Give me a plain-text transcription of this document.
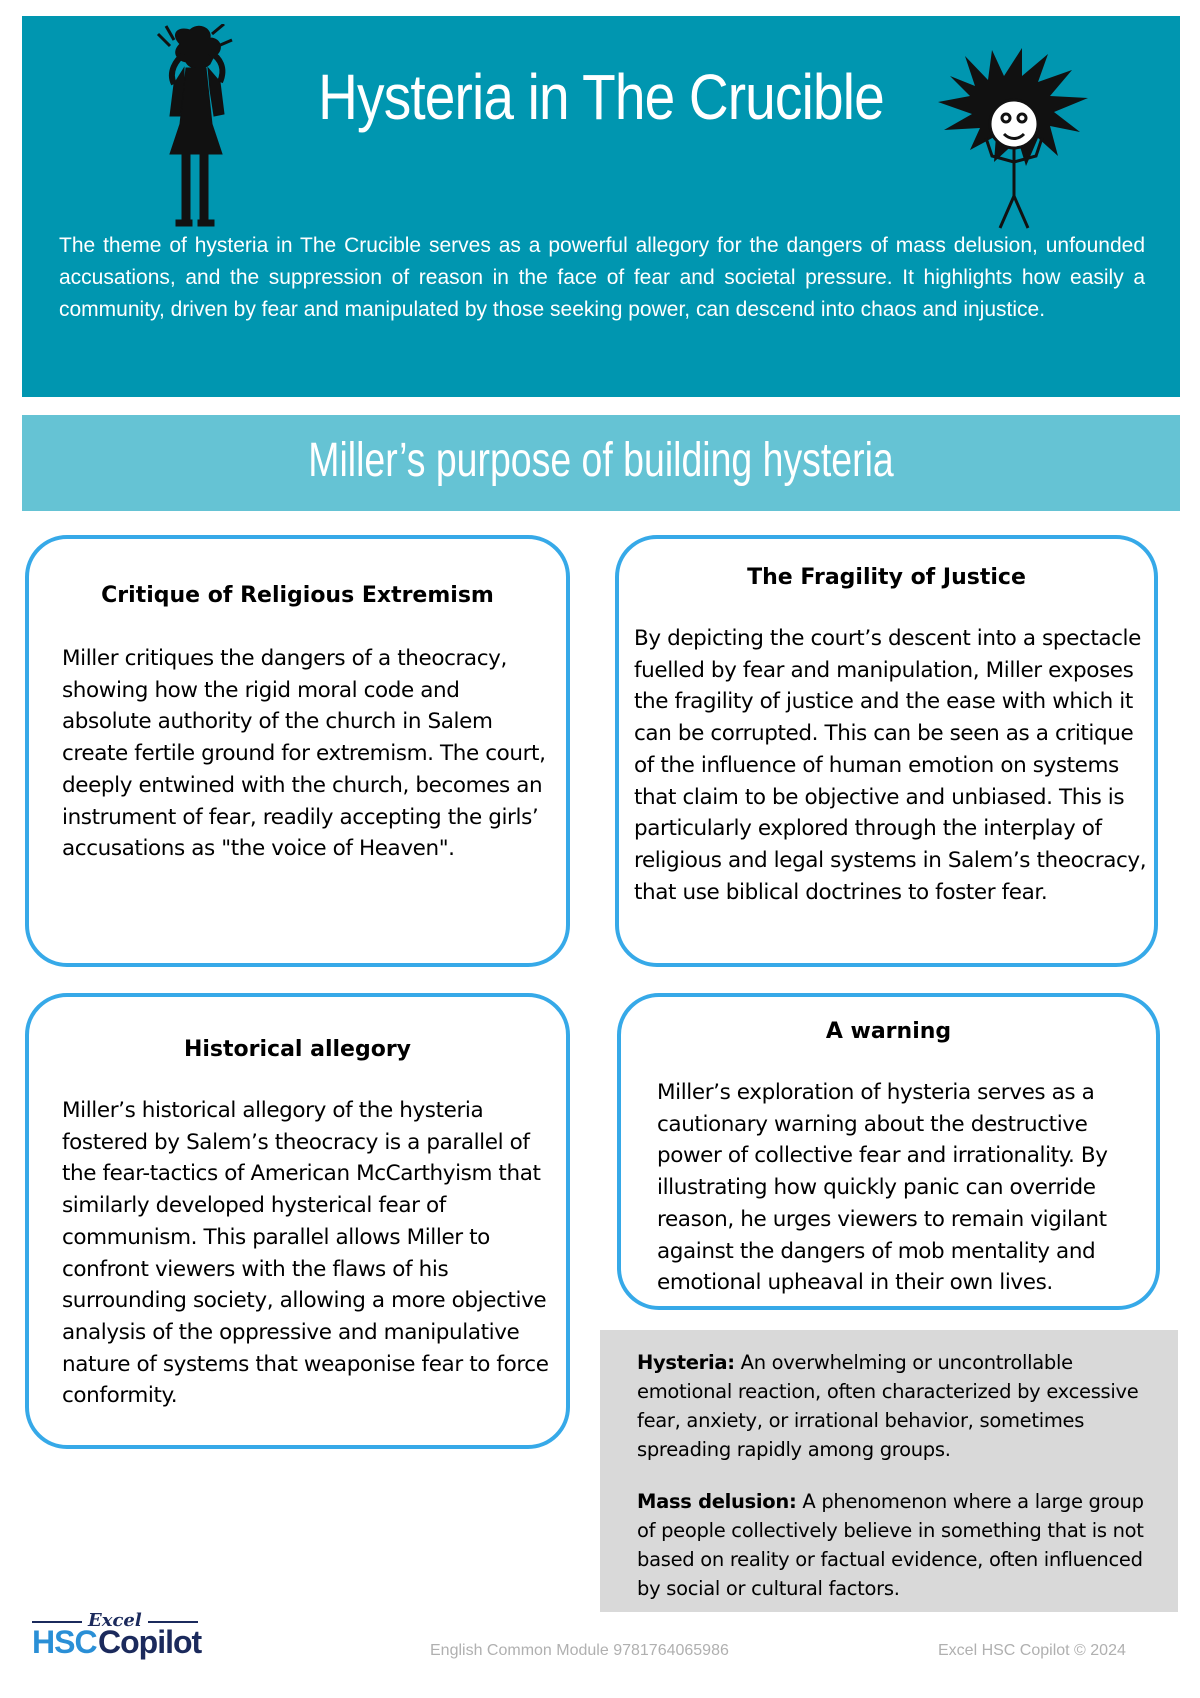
Hysteria in The Crucible
The theme of hysteria in The Crucible serves as a powerful allegory for the dangers of mass delusion, unfounded accusations, and the suppression of reason in the face of fear and societal pressure. It highlights how easily a community, driven by fear and manipulated by those seeking power, can descend into chaos and injustice.
Miller’s purpose of building hysteria
Critique of Religious Extremism
Miller critiques the dangers of a theocracy, showing how the rigid moral code and absolute authority of the church in Salem create fertile ground for extremism. The court, deeply entwined with the church, becomes an instrument of fear, readily accepting the girls’ accusations as "the voice of Heaven".
The Fragility of Justice
By depicting the court’s descent into a spectacle fuelled by fear and manipulation, Miller exposes the fragility of justice and the ease with which it can be corrupted. This can be seen as a critique of the influence of human emotion on systems that claim to be objective and unbiased. This is particularly explored through the interplay of religious and legal systems in Salem’s theocracy, that use biblical doctrines to foster fear.
Historical allegory
Miller’s historical allegory of the hysteria fostered by Salem’s theocracy is a parallel of the fear-tactics of American McCarthyism that similarly developed hysterical fear of communism. This parallel allows Miller to confront viewers with the flaws of his surrounding society, allowing a more objective analysis of the oppressive and manipulative nature of systems that weaponise fear to force conformity.
A warning
Miller’s exploration of hysteria serves as a cautionary warning about the destructive power of collective fear and irrationality. By illustrating how quickly panic can override reason, he urges viewers to remain vigilant against the dangers of mob mentality and emotional upheaval in their own lives.
Hysteria: An overwhelming or uncontrollable emotional reaction, often characterized by excessive fear, anxiety, or irrational behavior, sometimes spreading rapidly among groups.
Mass delusion: A phenomenon where a large group of people collectively believe in something that is not based on reality or factual evidence, often influenced by social or cultural factors.
Excel
HSC Copilot	English Common Module 9781764065986	Excel HSC Copilot © 2024
